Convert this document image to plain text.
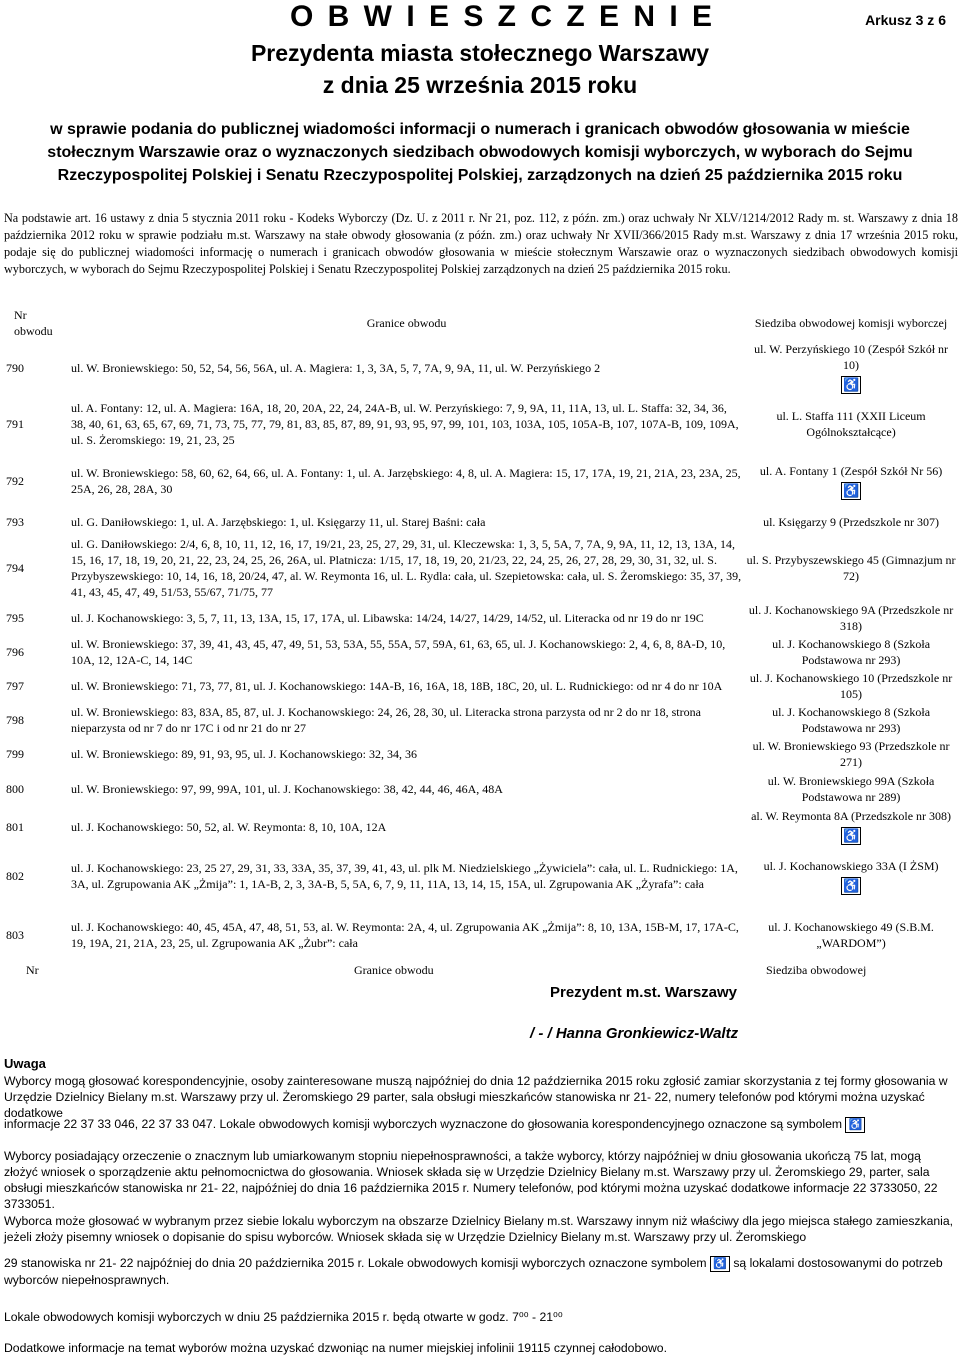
O B W I E S Z C Z E N I E	Arkusz 3 z 6
Prezydenta miasta stołecznego Warszawy
z dnia 25 września 2015 roku
w sprawie podania do publicznej wiadomości informacji o numerach i granicach obwodów głosowania w mieście stołecznym Warszawie oraz o wyznaczonych siedzibach obwodowych komisji wyborczych, w wyborach do Sejmu Rzeczypospolitej Polskiej i Senatu Rzeczypospolitej Polskiej, zarządzonych na dzień 25 października 2015 roku
Na podstawie art. 16 ustawy z dnia 5 stycznia 2011 roku - Kodeks Wyborczy (Dz. U. z 2011 r. Nr 21, poz. 112, z późn. zm.) oraz uchwały Nr XLV/1214/2012 Rady m. st. Warszawy z dnia 18 października 2012 roku w sprawie podziału m.st. Warszawy na stałe obwody głosowania (z późn. zm.) oraz uchwały Nr XVII/366/2015 Rady m.st. Warszawy z dnia 17 września 2015 roku, podaje się do publicznej wiadomości informację o numerach i granicach obwodów głosowania w mieście stołecznym Warszawie oraz o wyznaczonych siedzibach obwodowych komisji wyborczych, w wyborach do Sejmu Rzeczypospolitej Polskiej i Senatu Rzeczypospolitej Polskiej zarządzonych na dzień 25 października 2015 roku.
Nr obwodu	Granice obwodu	Siedziba obwodowej komisji wyborczej
790	ul. W. Broniewskiego: 50, 52, 54, 56, 56A, ul. A. Magiera: 1, 3, 3A, 5, 7, 7A, 9, 9A, 11, ul. W. Perzyńskiego 2	ul. W. Perzyńskiego 10 (Zespół Szkół nr 10)
♿
791	ul. A. Fontany: 12, ul. A. Magiera: 16A, 18, 20, 20A, 22, 24, 24A-B, ul. W. Perzyńskiego: 7, 9, 9A, 11, 11A, 13, ul. L. Staffa: 32, 34, 36, 38, 40, 61, 63, 65, 67, 69, 71, 73, 75, 77, 79, 81, 83, 85, 87, 89, 91, 93, 95, 97, 99, 101, 103, 103A, 105, 105A-B, 107, 107A-B, 109, 109A, ul. S. Żeromskiego: 19, 21, 23, 25	ul. L. Staffa 111 (XXII Liceum Ogólnokształcące)

792	ul. W. Broniewskiego: 58, 60, 62, 64, 66, ul. A. Fontany: 1, ul. A. Jarzębskiego: 4, 8, ul. A. Magiera: 15, 17, 17A, 19, 21, 21A, 23, 23A, 25, 25A, 26, 28, 28A, 30	ul. A. Fontany 1 (Zespół Szkół Nr 56)
♿
793	ul. G. Daniłowskiego: 1, ul. A. Jarzębskiego: 1, ul. Księgarzy 11, ul. Starej Baśni: cała	ul. Księgarzy 9 (Przedszkole nr 307)

794	ul. G. Daniłowskiego: 2/4, 6, 8, 10, 11, 12, 16, 17, 19/21, 23, 25, 27, 29, 31, ul. Kleczewska: 1, 3, 5, 5A, 7, 7A, 9, 9A, 11, 12, 13, 13A, 14, 15, 16, 17, 18, 19, 20, 21, 22, 23, 24, 25, 26, 26A, ul. Platnicza: 1/15, 17, 18, 19, 20, 21/23, 22, 24, 25, 26, 27, 28, 29, 30, 31, 32, ul. S. Przybyszewskiego: 10, 14, 16, 18, 20/24, 47, al. W. Reymonta 16, ul. L. Rydla: cała, ul. Szepietowska: cała, ul. S. Żeromskiego: 35, 37, 39, 41, 43, 45, 47, 49, 51/53, 55/67, 71/75, 77	ul. S. Przybyszewskiego 45 (Gimnazjum nr 72)

795	ul. J. Kochanowskiego: 3, 5, 7, 11, 13, 13A, 15, 17, 17A, ul. Libawska: 14/24, 14/27, 14/29, 14/52, ul. Literacka od nr 19 do nr 19C	ul. J. Kochanowskiego 9A (Przedszkole nr 318)

796	ul. W. Broniewskiego: 37, 39, 41, 43, 45, 47, 49, 51, 53, 53A, 55, 55A, 57, 59A, 61, 63, 65, ul. J. Kochanowskiego: 2, 4, 6, 8, 8A-D, 10, 10A, 12, 12A-C, 14, 14C	ul. J. Kochanowskiego 8 (Szkoła Podstawowa nr 293)

797	ul. W. Broniewskiego: 71, 73, 77, 81, ul. J. Kochanowskiego: 14A-B, 16, 16A, 18, 18B, 18C, 20, ul. L. Rudnickiego: od nr 4 do nr 10A	ul. J. Kochanowskiego 10 (Przedszkole nr 105)

798	ul. W. Broniewskiego: 83, 83A, 85, 87, ul. J. Kochanowskiego: 24, 26, 28, 30, ul. Literacka strona parzysta od nr 2 do nr 18, strona nieparzysta od nr 7 do nr 17C i od nr 21 do nr 27	ul. J. Kochanowskiego 8 (Szkoła Podstawowa nr 293)

799	ul. W. Broniewskiego: 89, 91, 93, 95, ul. J. Kochanowskiego: 32, 34, 36	ul. W. Broniewskiego 93 (Przedszkole nr 271)

800	ul. W. Broniewskiego: 97, 99, 99A, 101, ul. J. Kochanowskiego: 38, 42, 44, 46, 46A, 48A	ul. W. Broniewskiego 99A (Szkoła Podstawowa nr 289)

801	ul. J. Kochanowskiego: 50, 52, al. W. Reymonta: 8, 10, 10A, 12A	al. W. Reymonta 8A (Przedszkole nr 308)
♿
802	ul. J. Kochanowskiego: 23, 25 27, 29, 31, 33, 33A, 35, 37, 39, 41, 43, ul. plk M. Niedzielskiego „Żywiciela”: cała, ul. L. Rudnickiego: 1A, 3A, ul. Zgrupowania AK „Żmija”: 1, 1A-B, 2, 3, 3A-B, 5, 5A, 6, 7, 9, 11, 11A, 13, 14, 15, 15A, ul. Zgrupowania AK „Żyrafa”: cała	ul. J. Kochanowskiego 33A (I ŻSM)
♿
803	ul. J. Kochanowskiego: 40, 45, 45A, 47, 48, 51, 53, al. W. Reymonta: 2A, 4, ul. Zgrupowania AK „Żmija”: 8, 10, 13A, 15B-M, 17, 17A-C, 19, 19A, 21, 21A, 23, 25, ul. Zgrupowania AK „Żubr”: cała	ul. J. Kochanowskiego 49 (S.B.M. „WARDOM”)
Nr	Granice obwodu	Siedziba obwodowej
Prezydent m.st. Warszawy
/ - / Hanna Gronkiewicz-Waltz
Uwaga
Wyborcy mogą głosować korespondencyjnie, osoby zainteresowane muszą najpóźniej do dnia 12 października 2015 roku zgłosić zamiar skorzystania z tej formy głosowania w Urzędzie Dzielnicy Bielany m.st. Warszawy przy ul. Żeromskiego 29 parter, sala obsługi mieszkańców stanowiska nr 21- 22, numery telefonów pod którymi można uzyskać dodatkowe
informacje 22 37 33 046, 22 37 33 047. Lokale obwodowych komisji wyborczych wyznaczone do głosowania korespondencyjnego oznaczone są symbolem ♿
Wyborcy posiadający orzeczenie o znacznym lub umiarkowanym stopniu niepełnosprawności, a także wyborcy, którzy najpóźniej w dniu głosowania ukończą 75 lat, mogą złożyć wniosek o sporządzenie aktu pełnomocnictwa do głosowania. Wniosek składa się w Urzędzie Dzielnicy Bielany m.st. Warszawy przy ul. Żeromskiego 29, parter, sala obsługi mieszkańców stanowiska nr 21- 22, najpóźniej do dnia 16 października 2015 r. Numery telefonów, pod którymi można uzyskać dodatkowe informacje 22 3733050, 22 3733051.
Wyborca może głosować w wybranym przez siebie lokalu wyborczym na obszarze Dzielnicy Bielany m.st. Warszawy innym niż właściwy dla jego miejsca stałego zamieszkania, jeżeli złoży pisemny wniosek o dopisanie do spisu wyborców. Wniosek składa się w Urzędzie Dzielnicy Bielany m.st. Warszawy przy ul. Żeromskiego
29 stanowiska nr 21- 22 najpóźniej do dnia 20 października 2015 r. Lokale obwodowych komisji wyborczych oznaczone symbolem ♿ są lokalami dostosowanymi do potrzeb wyborców niepełnosprawnych.
Lokale obwodowych komisji wyborczych w dniu 25 października 2015 r. będą otwarte w godz. 7⁰⁰ - 21⁰⁰
Dodatkowe informacje na temat wyborów można uzyskać dzwoniąc na numer miejskiej infolinii 19115 czynnej całodobowo.
